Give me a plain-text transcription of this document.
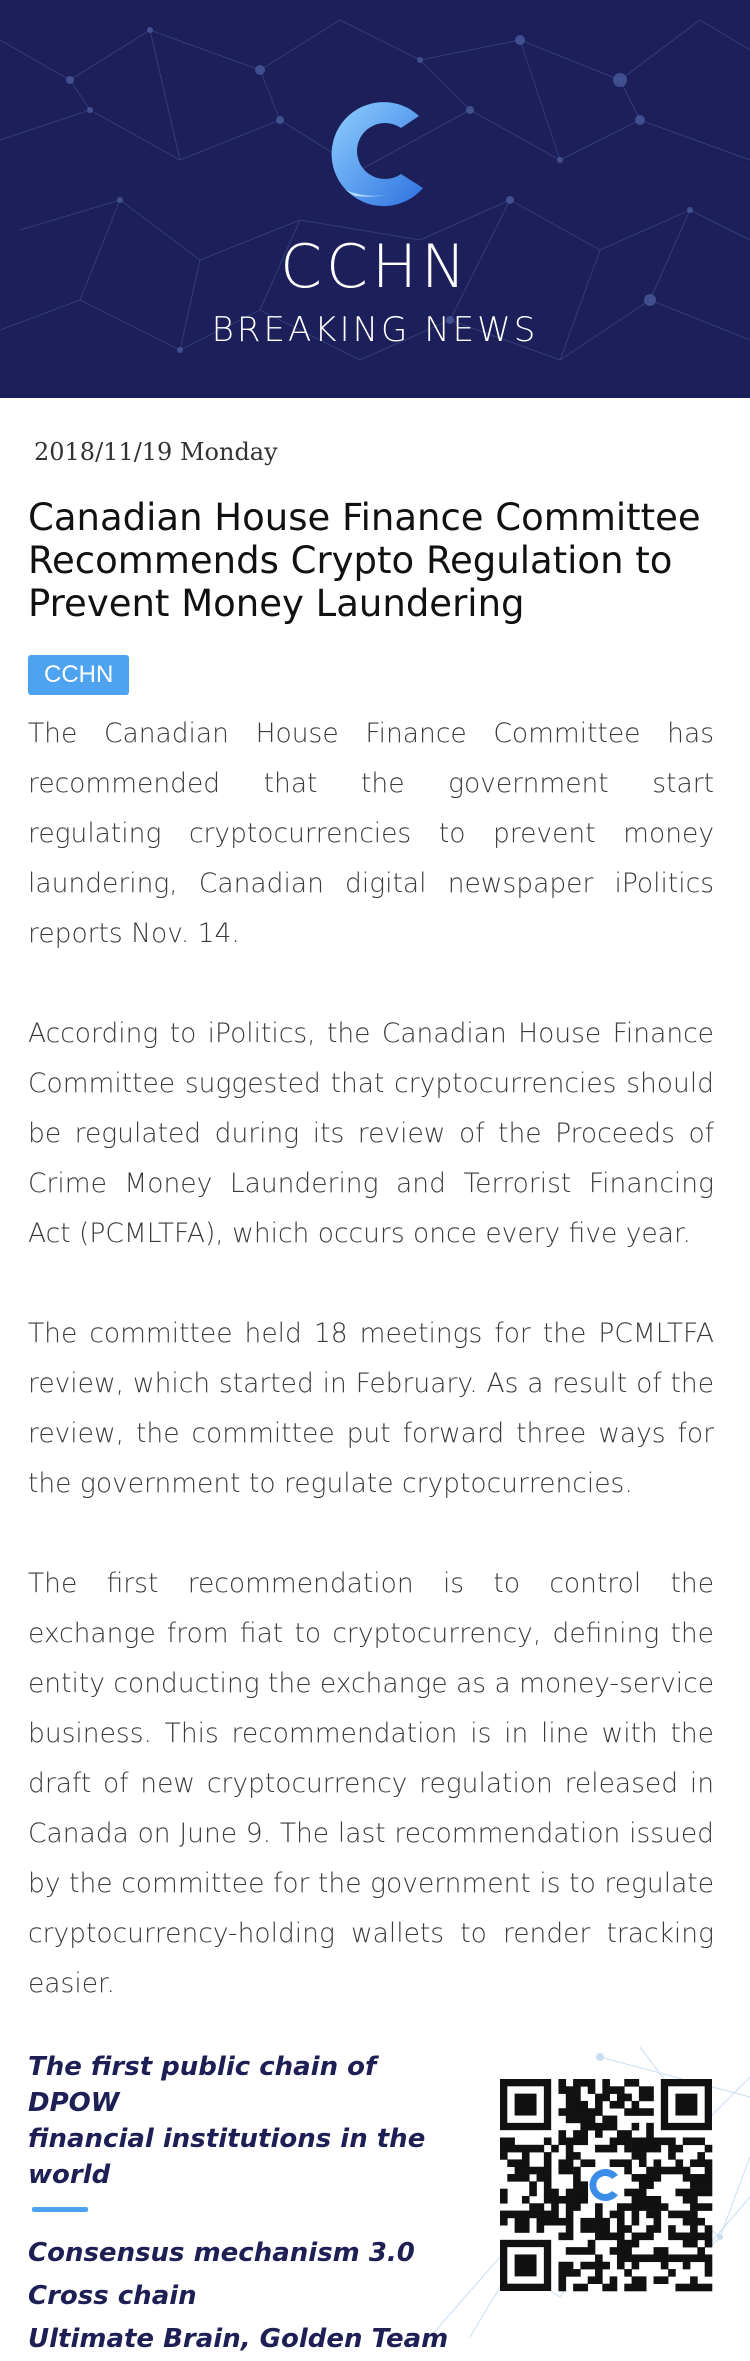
CCHN
BREAKING NEWS
2018/11/19 Monday
Canadian House Finance Committee Recommends Crypto Regulation to Prevent Money Laundering
CCHN

The Canadian House Finance Committee has recommended that the government start regulating cryptocurrencies to prevent money laundering, Canadian digital newspaper iPolitics reports Nov. 14.

According to iPolitics, the Canadian House Finance Committee suggested that cryptocurrencies should be regulated during its review of the Proceeds of Crime Money Laundering and Terrorist Financing Act (PCMLTFA), which occurs once every five year.

The committee held 18 meetings for the PCMLTFA review, which started in February. As a result of the review, the committee put forward three ways for the government to regulate cryptocurrencies.

The first recommendation is to control the exchange from fiat to cryptocurrency, defining the entity conducting the exchange as a money-service business. This recommendation is in line with the draft of new cryptocurrency regulation released in Canada on June 9. The last recommendation issued by the committee for the government is to regulate cryptocurrency-holding wallets to render tracking easier.

The first public chain of DPOW
financial institutions in the world
Consensus mechanism 3.0
Cross chain
Ultimate Brain, Golden Team
